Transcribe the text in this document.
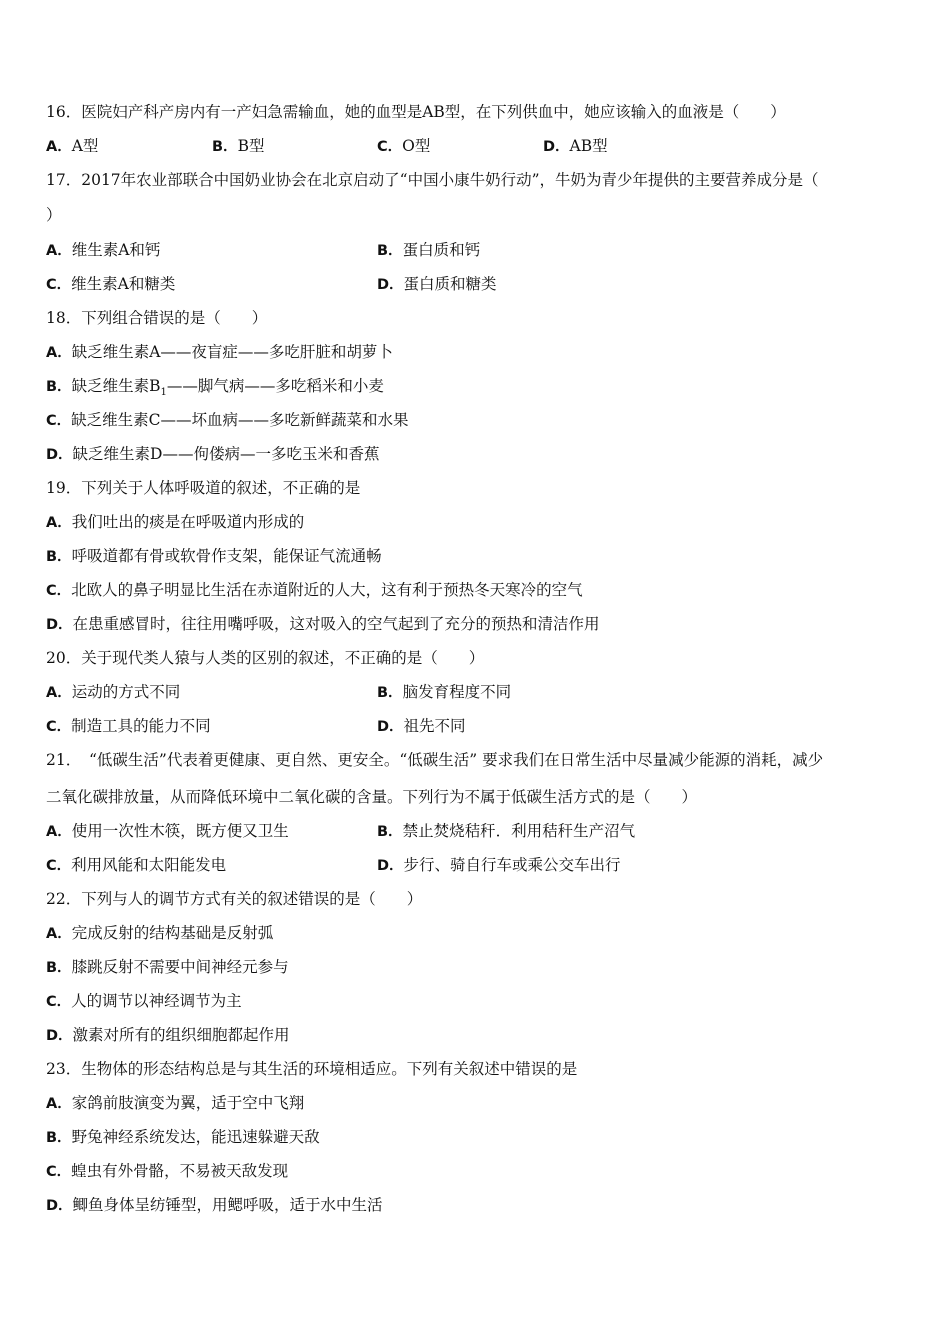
16．医院妇产科产房内有一产妇急需输血，她的血型是AB型，在下列供血中，她应该输入的血液是（　　）
A．A型	B．B型	C．O型	D．AB型
17．2017年农业部联合中国奶业协会在北京启动了“中国小康牛奶行动”，牛奶为青少年提供的主要营养成分是（
）
A．维生素A和钙	B．蛋白质和钙
C．维生素A和糖类	D．蛋白质和糖类
18．下列组合错误的是（　　）
A．缺乏维生素A——夜盲症——多吃肝脏和胡萝卜
B．缺乏维生素$B_1——$脚气病——多吃稻米和小麦
C．缺乏维生素C——坏血病——多吃新鲜蔬菜和水果
D．缺乏维生素D——佝偻病—一多吃玉米和香蕉
19．下列关于人体呼吸道的叙述，不正确的是
A．我们吐出的痰是在呼吸道内形成的
B．呼吸道都有骨或软骨作支架，能保证气流通畅
C．北欧人的鼻子明显比生活在赤道附近的人大，这有利于预热冬天寒冷的空气
D．在患重感冒时，往往用嘴呼吸，这对吸入的空气起到了充分的预热和清洁作用
20．关于现代类人猿与人类的区别的叙述，不正确的是（　　）
A．运动的方式不同	B．脑发育程度不同
C．制造工具的能力不同	D．祖先不同
21．　“低碳生活”代表着更健康、更自然、更安全。“低碳生活” 要求我们在日常生活中尽量减少能源的消耗，减少
二氧化碳排放量，从而降低环境中二氧化碳的含量。下列行为不属于低碳生活方式的是（　　）
A．使用一次性木筷，既方便又卫生	B．禁止焚烧秸秆．利用秸秆生产沼气
C．利用风能和太阳能发电	D．步行、骑自行车或乘公交车出行
22．下列与人的调节方式有关的叙述错误的是（　　）
A．完成反射的结构基础是反射弧
B．膝跳反射不需要中间神经元参与
C．人的调节以神经调节为主
D．激素对所有的组织细胞都起作用
23．生物体的形态结构总是与其生活的环境相适应。下列有关叙述中错误的是
A．家鸽前肢演变为翼，适于空中飞翔
B．野兔神经系统发达，能迅速躲避天敌
C．蝗虫有外骨骼，不易被天敌发现
D．鲫鱼身体呈纺锤型，用鳃呼吸，适于水中生活
